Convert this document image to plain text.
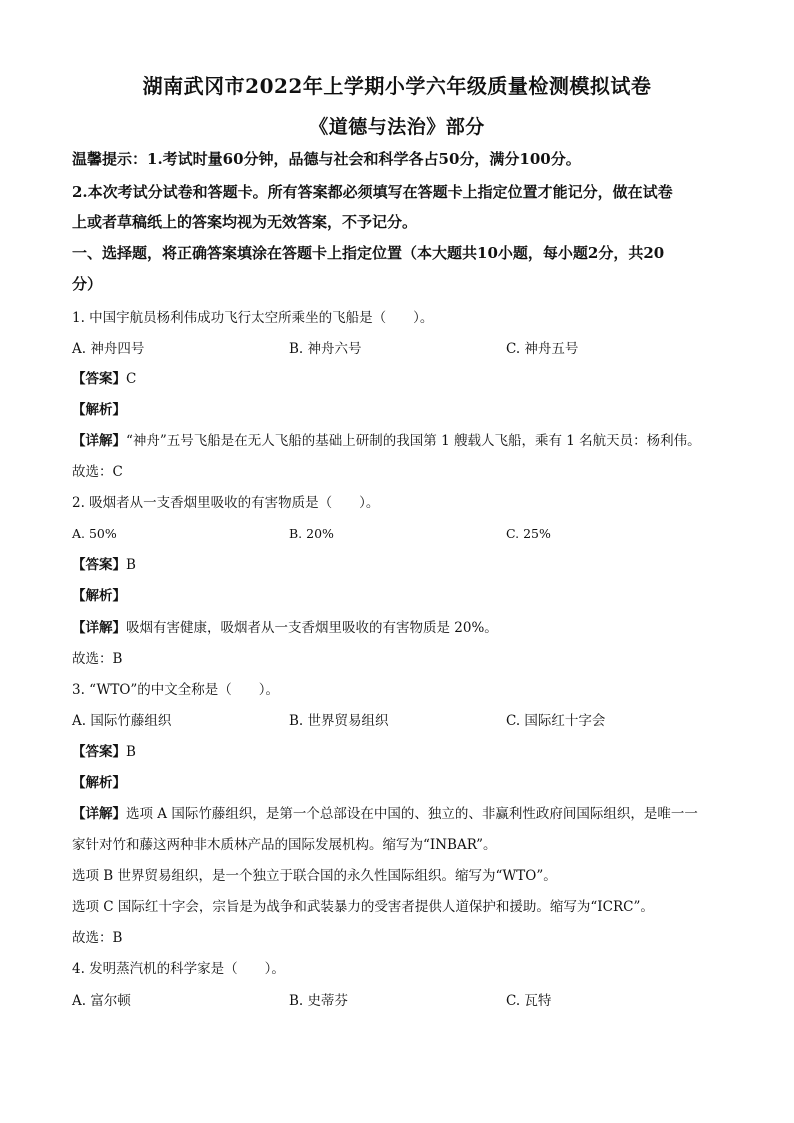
湖南武冈市2022年上学期小学六年级质量检测模拟试卷
《道德与法治》部分
温馨提示：1.考试时量60分钟，品德与社会和科学各占50分，满分100分。
2.本次考试分试卷和答题卡。所有答案都必须填写在答题卡上指定位置才能记分，做在试卷
上或者草稿纸上的答案均视为无效答案，不予记分。
一、选择题，将正确答案填涂在答题卡上指定位置（本大题共10小题，每小题2分，共20
分）
1. 中国宇航员杨利伟成功飞行太空所乘坐的飞船是（　　）。
A. 神舟四号	B. 神舟六号	C. 神舟五号
【答案】C
【解析】
【详解】“神舟”五号飞船是在无人飞船的基础上研制的我国第 1 艘载人飞船，乘有 1 名航天员：杨利伟。
故选：C
2. 吸烟者从一支香烟里吸收的有害物质是（　　）。
A. 50%	B. 20%	C. 25%
【答案】B
【解析】
【详解】吸烟有害健康，吸烟者从一支香烟里吸收的有害物质是 20%。
故选：B
3. “WTO”的中文全称是（　　）。
A. 国际竹藤组织	B. 世界贸易组织	C. 国际红十字会
【答案】B
【解析】
【详解】选项 A 国际竹藤组织，是第一个总部设在中国的、独立的、非赢利性政府间国际组织，是唯一一
家针对竹和藤这两种非木质林产品的国际发展机构。缩写为“INBAR”。
选项 B 世界贸易组织，是一个独立于联合国的永久性国际组织。缩写为“WTO”。
选项 C 国际红十字会，宗旨是为战争和武装暴力的受害者提供人道保护和援助。缩写为“ICRC”。
故选：B
4. 发明蒸汽机的科学家是（　　）。
A. 富尔顿	B. 史蒂芬	C. 瓦特
